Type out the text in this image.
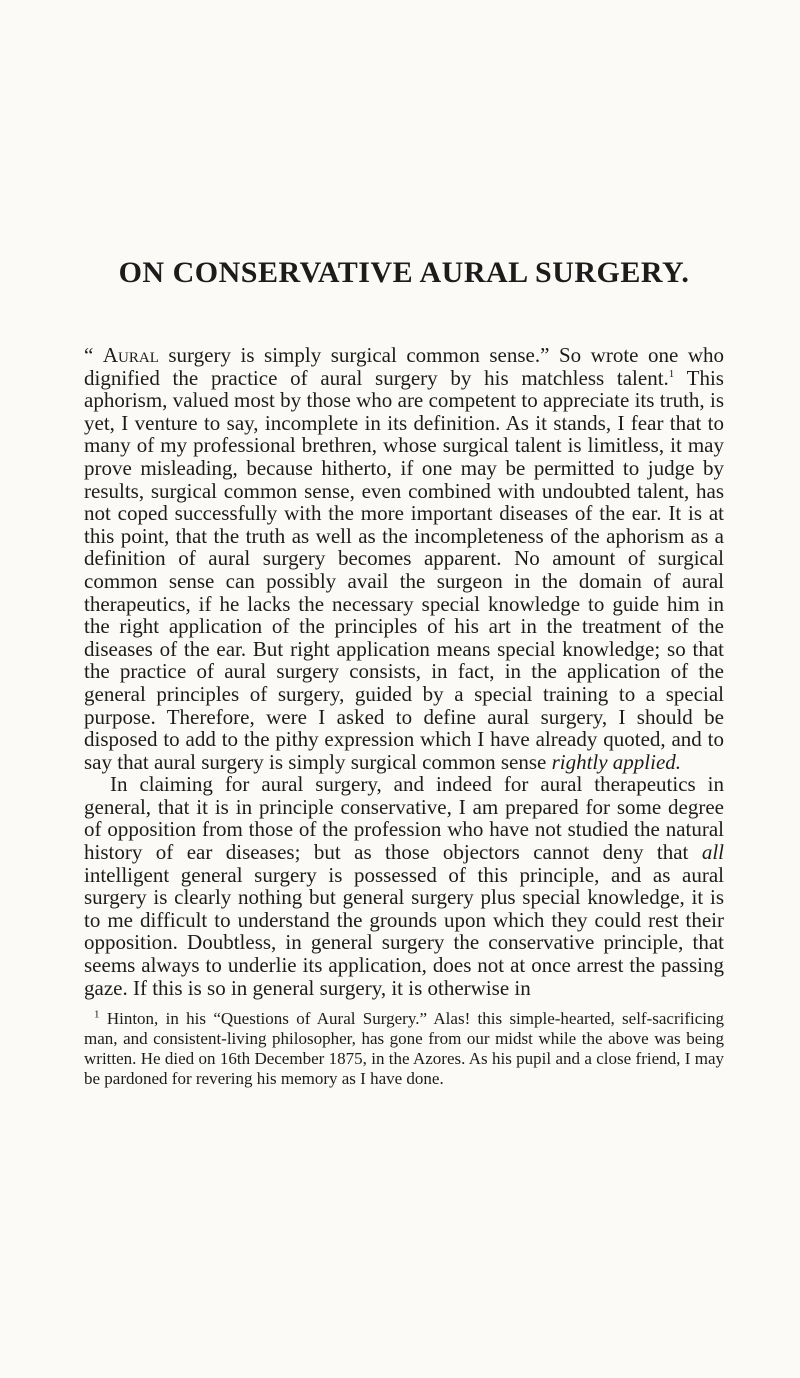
ON CONSERVATIVE AURAL SURGERY.

“ Aural surgery is simply surgical common sense.” So wrote one who dignified the practice of aural surgery by his matchless talent.$^1$ This aphorism, valued most by those who are competent to appreciate its truth, is yet, I venture to say, incomplete in its definition. As it stands, I fear that to many of my professional brethren, whose surgical talent is limitless, it may prove misleading, because hitherto, if one may be permitted to judge by results, surgical common sense, even combined with undoubted talent, has not coped successfully with the more important diseases of the ear. It is at this point, that the truth as well as the incompleteness of the aphorism as a definition of aural surgery becomes apparent. No amount of surgical common sense can possibly avail the surgeon in the domain of aural therapeutics, if he lacks the necessary special knowledge to guide him in the right application of the principles of his art in the treatment of the diseases of the ear. But right application means special knowledge; so that the practice of aural surgery consists, in fact, in the application of the general principles of surgery, guided by a special training to a special purpose. Therefore, were I asked to define aural surgery, I should be disposed to add to the pithy expression which I have already quoted, and to say that aural surgery is simply surgical common sense rightly applied.

In claiming for aural surgery, and indeed for aural therapeutics in general, that it is in principle conservative, I am prepared for some degree of opposition from those of the profession who have not studied the natural history of ear diseases; but as those objectors cannot deny that all intelligent general surgery is possessed of this principle, and as aural surgery is clearly nothing but general surgery plus special knowledge, it is to me difficult to understand the grounds upon which they could rest their opposition. Doubtless, in general surgery the conservative principle, that seems always to underlie its application, does not at once arrest the passing gaze. If this is so in general surgery, it is otherwise in

$^1$ Hinton, in his “Questions of Aural Surgery.” Alas! this simple-hearted, self-sacrificing man, and consistent-living philosopher, has gone from our midst while the above was being written. He died on 16th December 1875, in the Azores. As his pupil and a close friend, I may be pardoned for revering his memory as I have done.
